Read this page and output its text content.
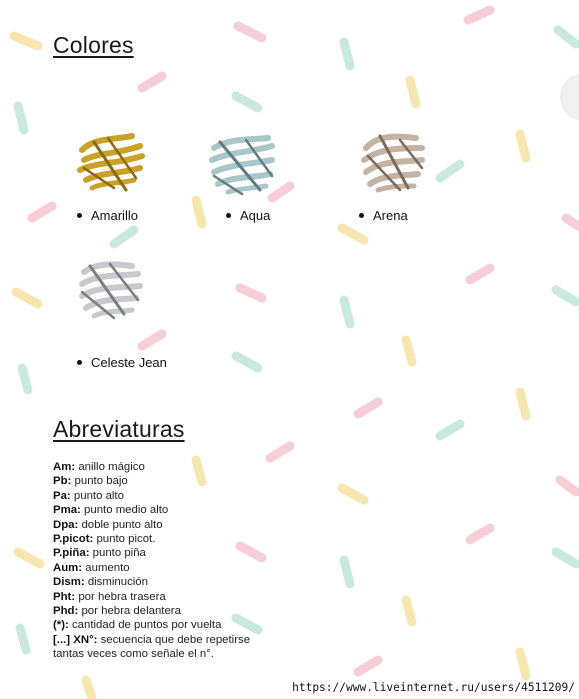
Colores
Amarillo	Aqua	Arena
Celeste Jean
Abreviaturas
Am: anillo mágico
Pb: punto bajo
Pa: punto alto
Pma: punto medio alto
Dpa: doble punto alto
P.picot: punto picot.
P.piña: punto piña
Aum: aumento
Dism: disminución
Pht: por hebra trasera
Phd: por hebra delantera
(*): cantidad de puntos por vuelta
[...] XN°: secuencia que debe repetirse
tantas veces como señale el n°.
https://www.liveinternet.ru/users/4511209/
